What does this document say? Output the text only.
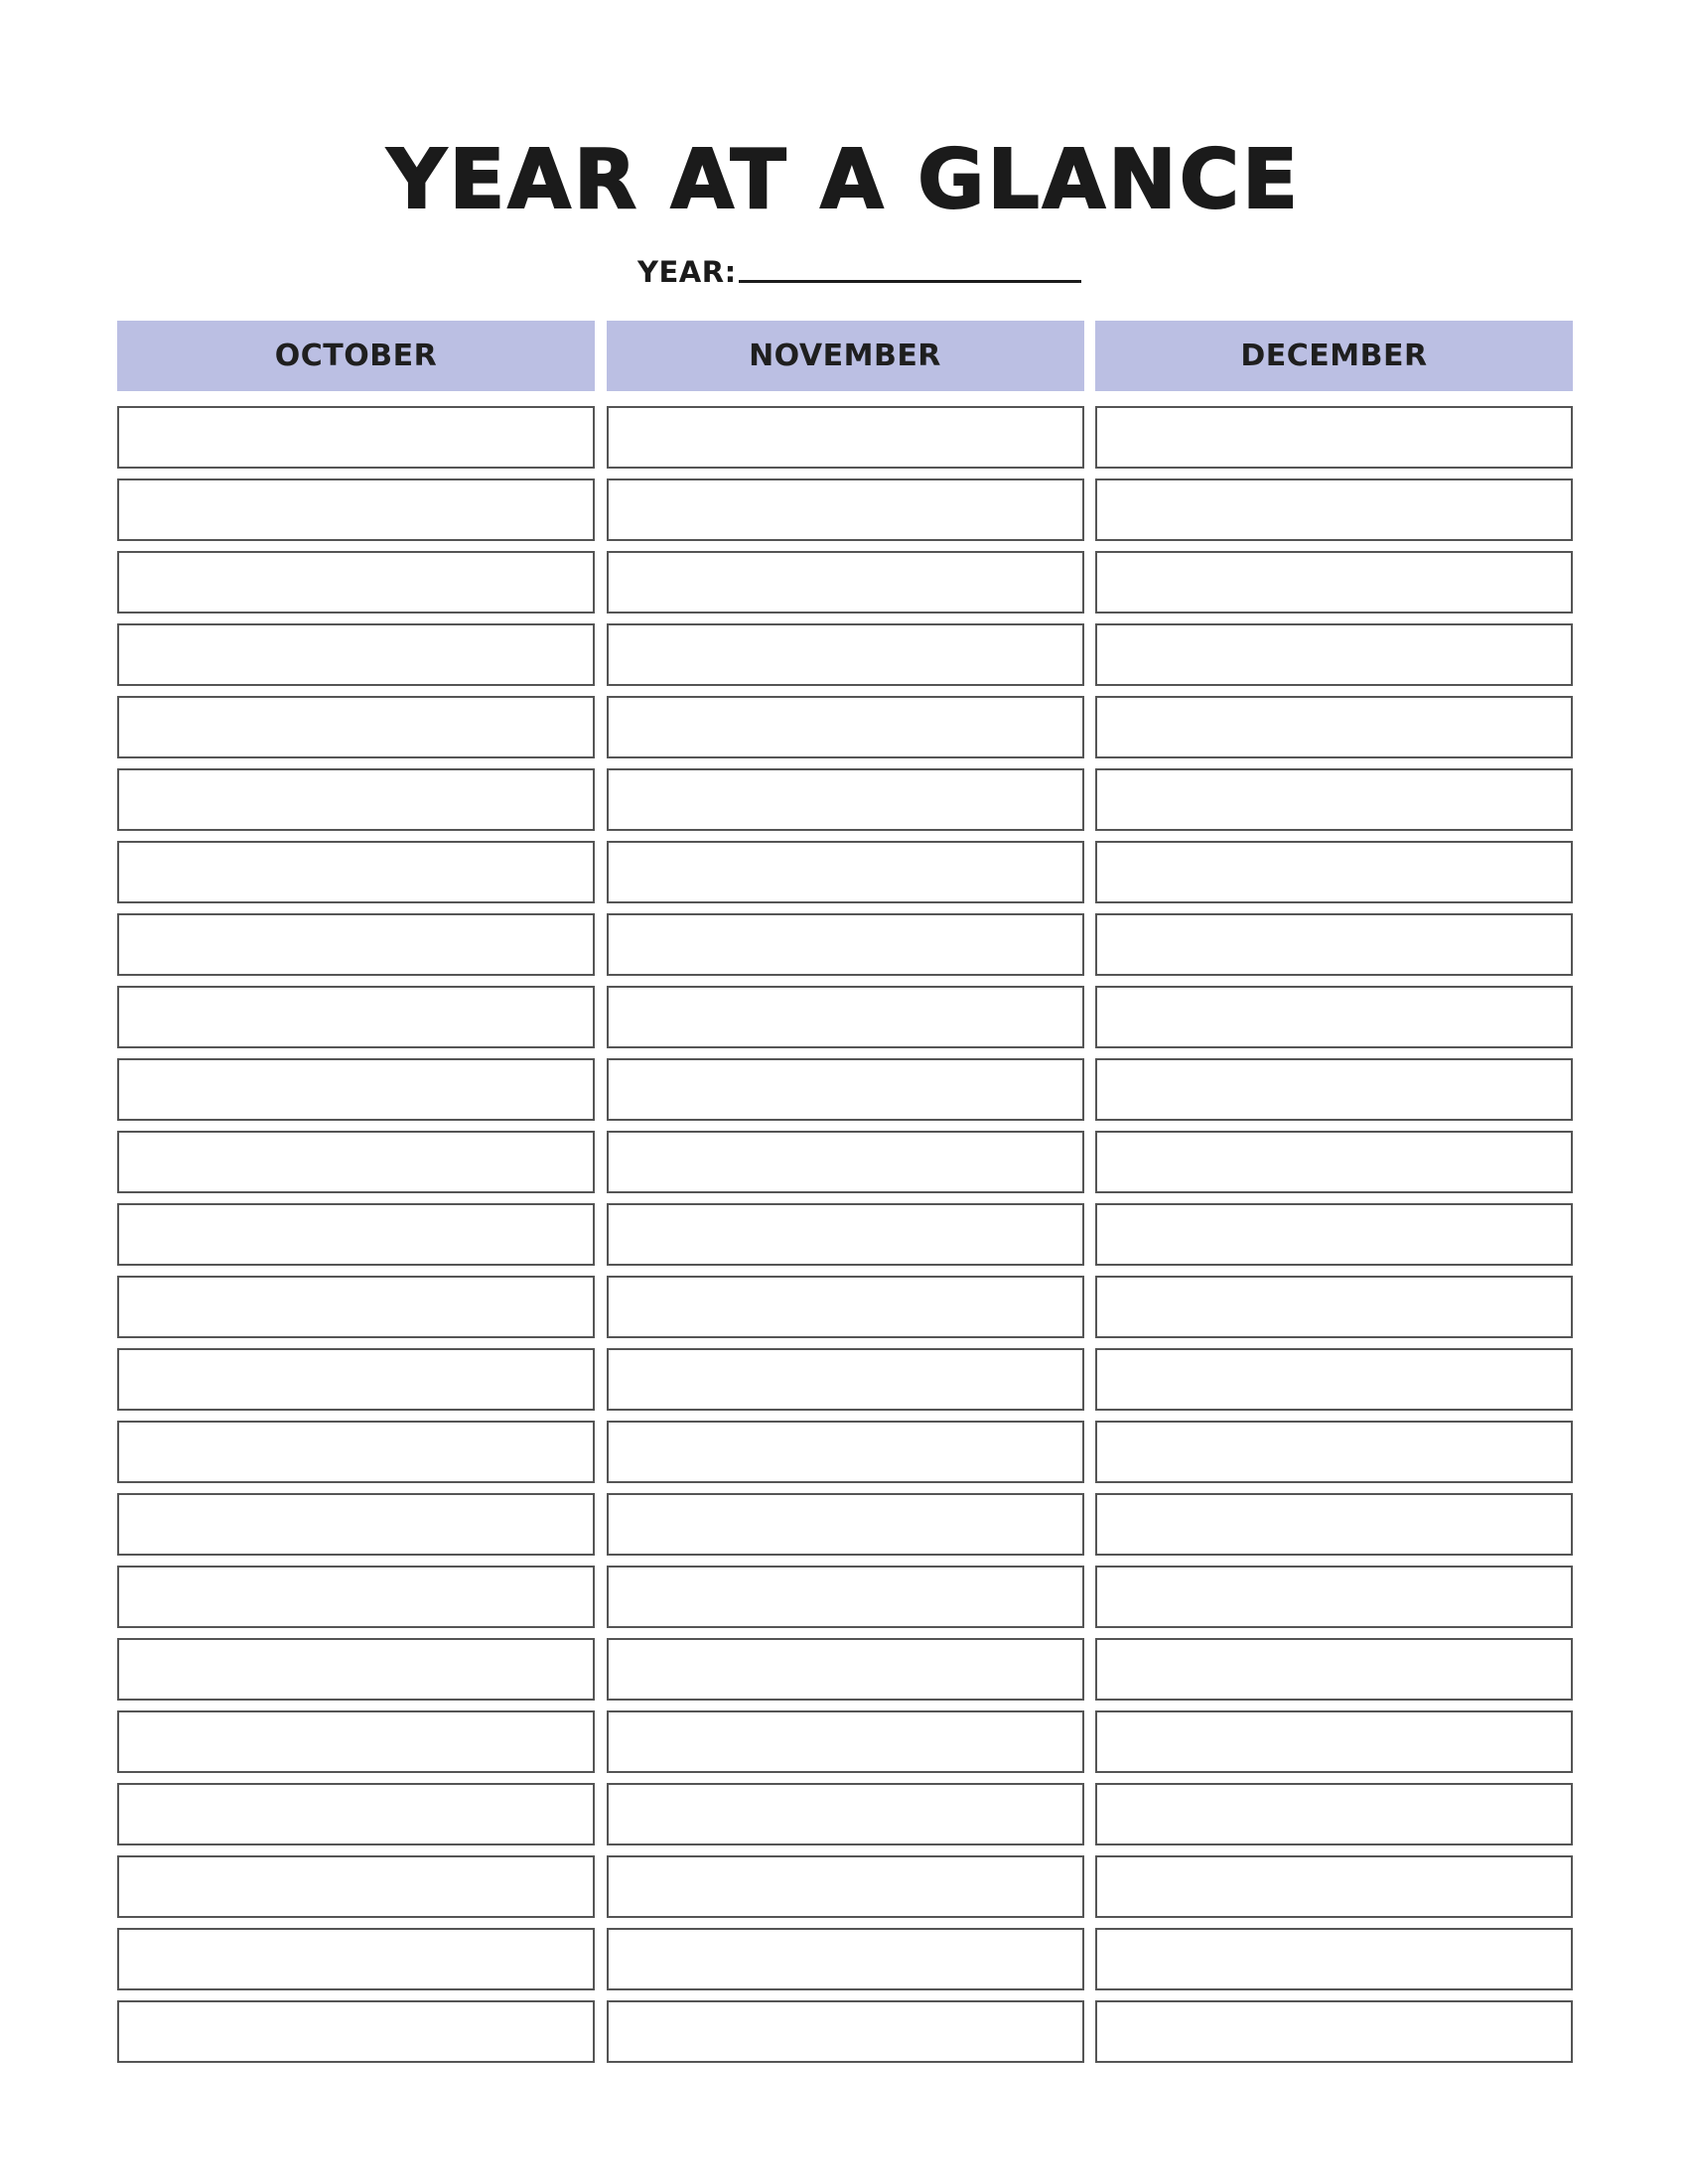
YEAR AT A GLANCE
YEAR:
OCTOBER	NOVEMBER	DECEMBER
